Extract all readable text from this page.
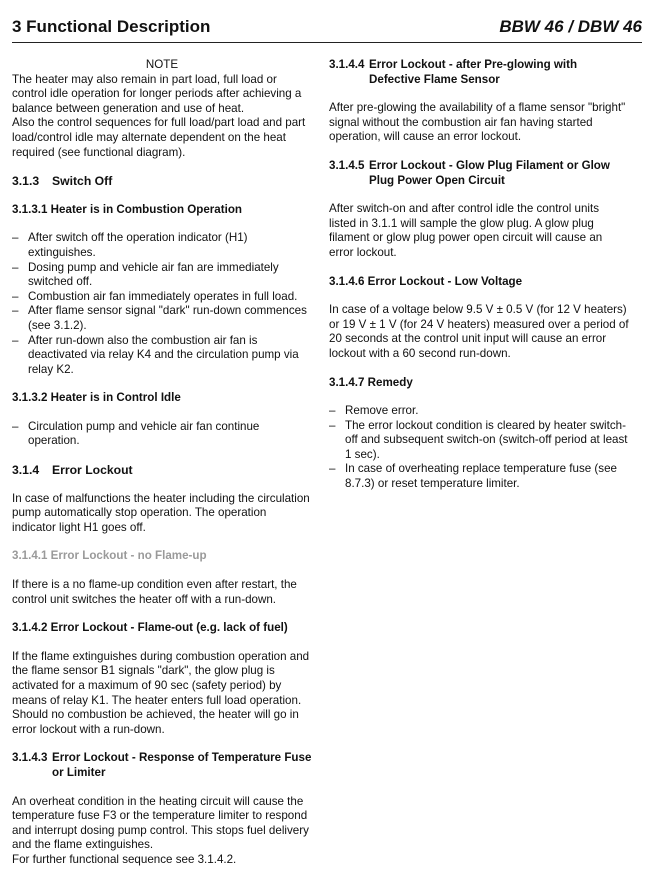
3 Functional Description	BBW 46 / DBW 46

NOTE

The heater may also remain in part load, full load or control idle operation for longer periods after achieving a balance between generation and use of heat.

Also the control sequences for full load/part load and part load/control idle may alternate dependent on the heat required (see functional diagram).

3.1.3 Switch Off
3.1.3.1 Heater is in Combustion Operation
– After switch off the operation indicator (H1) extinguishes.
– Dosing pump and vehicle air fan are immediately switched off.
– Combustion air fan immediately operates in full load.
– After flame sensor signal "dark" run-down commences (see 3.1.2).
– After run-down also the combustion air fan is deactivated via relay K4 and the circulation pump via relay K2.
3.1.3.2 Heater is in Control Idle
– Circulation pump and vehicle air fan continue operation.
3.1.4 Error Lockout

In case of malfunctions the heater including the circulation pump automatically stop operation. The operation indicator light H1 goes off.

3.1.4.1 Error Lockout - no Flame-up

If there is a no flame-up condition even after restart, the control unit switches the heater off with a run-down.

3.1.4.2 Error Lockout - Flame-out (e.g. lack of fuel)

If the flame extinguishes during combustion operation and the flame sensor B1 signals "dark", the glow plug is activated for a maximum of 90 sec (safety period) by means of relay K1. The heater enters full load operation. Should no combustion be achieved, the heater will go in error lockout with a run-down.

3.1.4.3 Error Lockout - Response of Temperature Fuse or Limiter

An overheat condition in the heating circuit will cause the temperature fuse F3 or the temperature limiter to respond and interrupt dosing pump control. This stops fuel delivery and the flame extinguishes.

For further functional sequence see 3.1.4.2.

3.1.4.4 Error Lockout - after Pre-glowing with Defective Flame Sensor

After pre-glowing the availability of a flame sensor "bright" signal without the combustion air fan having started operation, will cause an error lockout.

3.1.4.5 Error Lockout - Glow Plug Filament or Glow Plug Power Open Circuit

After switch-on and after control idle the control units listed in 3.1.1 will sample the glow plug. A glow plug filament or glow plug power open circuit will cause an error lockout.

3.1.4.6 Error Lockout - Low Voltage

In case of a voltage below 9.5 V ± 0.5 V (for 12 V heaters) or 19 V ± 1 V (for 24 V heaters) measured over a period of 20 seconds at the control unit input will cause an error lockout with a 60 second run-down.

3.1.4.7 Remedy
– Remove error.
– The error lockout condition is cleared by heater switch-off and subsequent switch-on (switch-off period at least 1 sec).
– In case of overheating replace temperature fuse (see 8.7.3) or reset temperature limiter.
